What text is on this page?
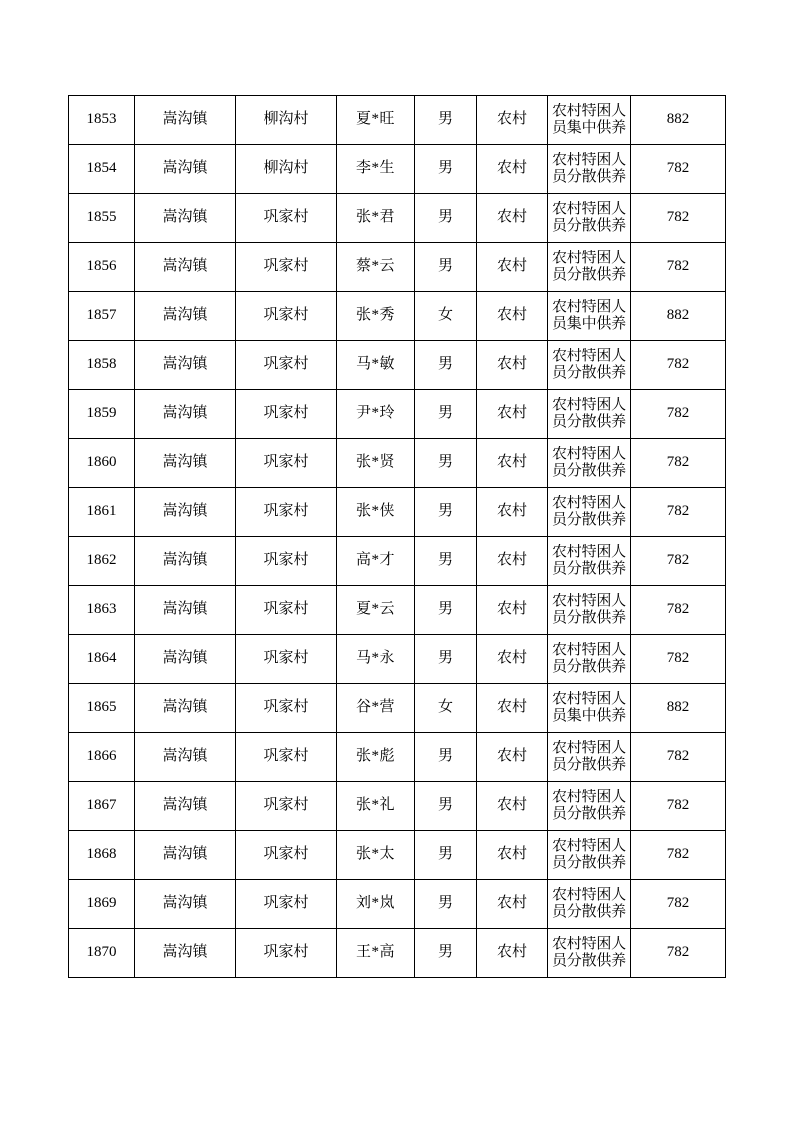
1853	嵩沟镇	柳沟村	夏*旺	男	农村	农村特困人员集中供养	882
1854	嵩沟镇	柳沟村	李*生	男	农村	农村特困人员分散供养	782
1855	嵩沟镇	巩家村	张*君	男	农村	农村特困人员分散供养	782
1856	嵩沟镇	巩家村	蔡*云	男	农村	农村特困人员分散供养	782
1857	嵩沟镇	巩家村	张*秀	女	农村	农村特困人员集中供养	882
1858	嵩沟镇	巩家村	马*敏	男	农村	农村特困人员分散供养	782
1859	嵩沟镇	巩家村	尹*玲	男	农村	农村特困人员分散供养	782
1860	嵩沟镇	巩家村	张*贤	男	农村	农村特困人员分散供养	782
1861	嵩沟镇	巩家村	张*侠	男	农村	农村特困人员分散供养	782
1862	嵩沟镇	巩家村	高*才	男	农村	农村特困人员分散供养	782
1863	嵩沟镇	巩家村	夏*云	男	农村	农村特困人员分散供养	782
1864	嵩沟镇	巩家村	马*永	男	农村	农村特困人员分散供养	782
1865	嵩沟镇	巩家村	谷*营	女	农村	农村特困人员集中供养	882
1866	嵩沟镇	巩家村	张*彪	男	农村	农村特困人员分散供养	782
1867	嵩沟镇	巩家村	张*礼	男	农村	农村特困人员分散供养	782
1868	嵩沟镇	巩家村	张*太	男	农村	农村特困人员分散供养	782
1869	嵩沟镇	巩家村	刘*岚	男	农村	农村特困人员分散供养	782
1870	嵩沟镇	巩家村	王*高	男	农村	农村特困人员分散供养	782
